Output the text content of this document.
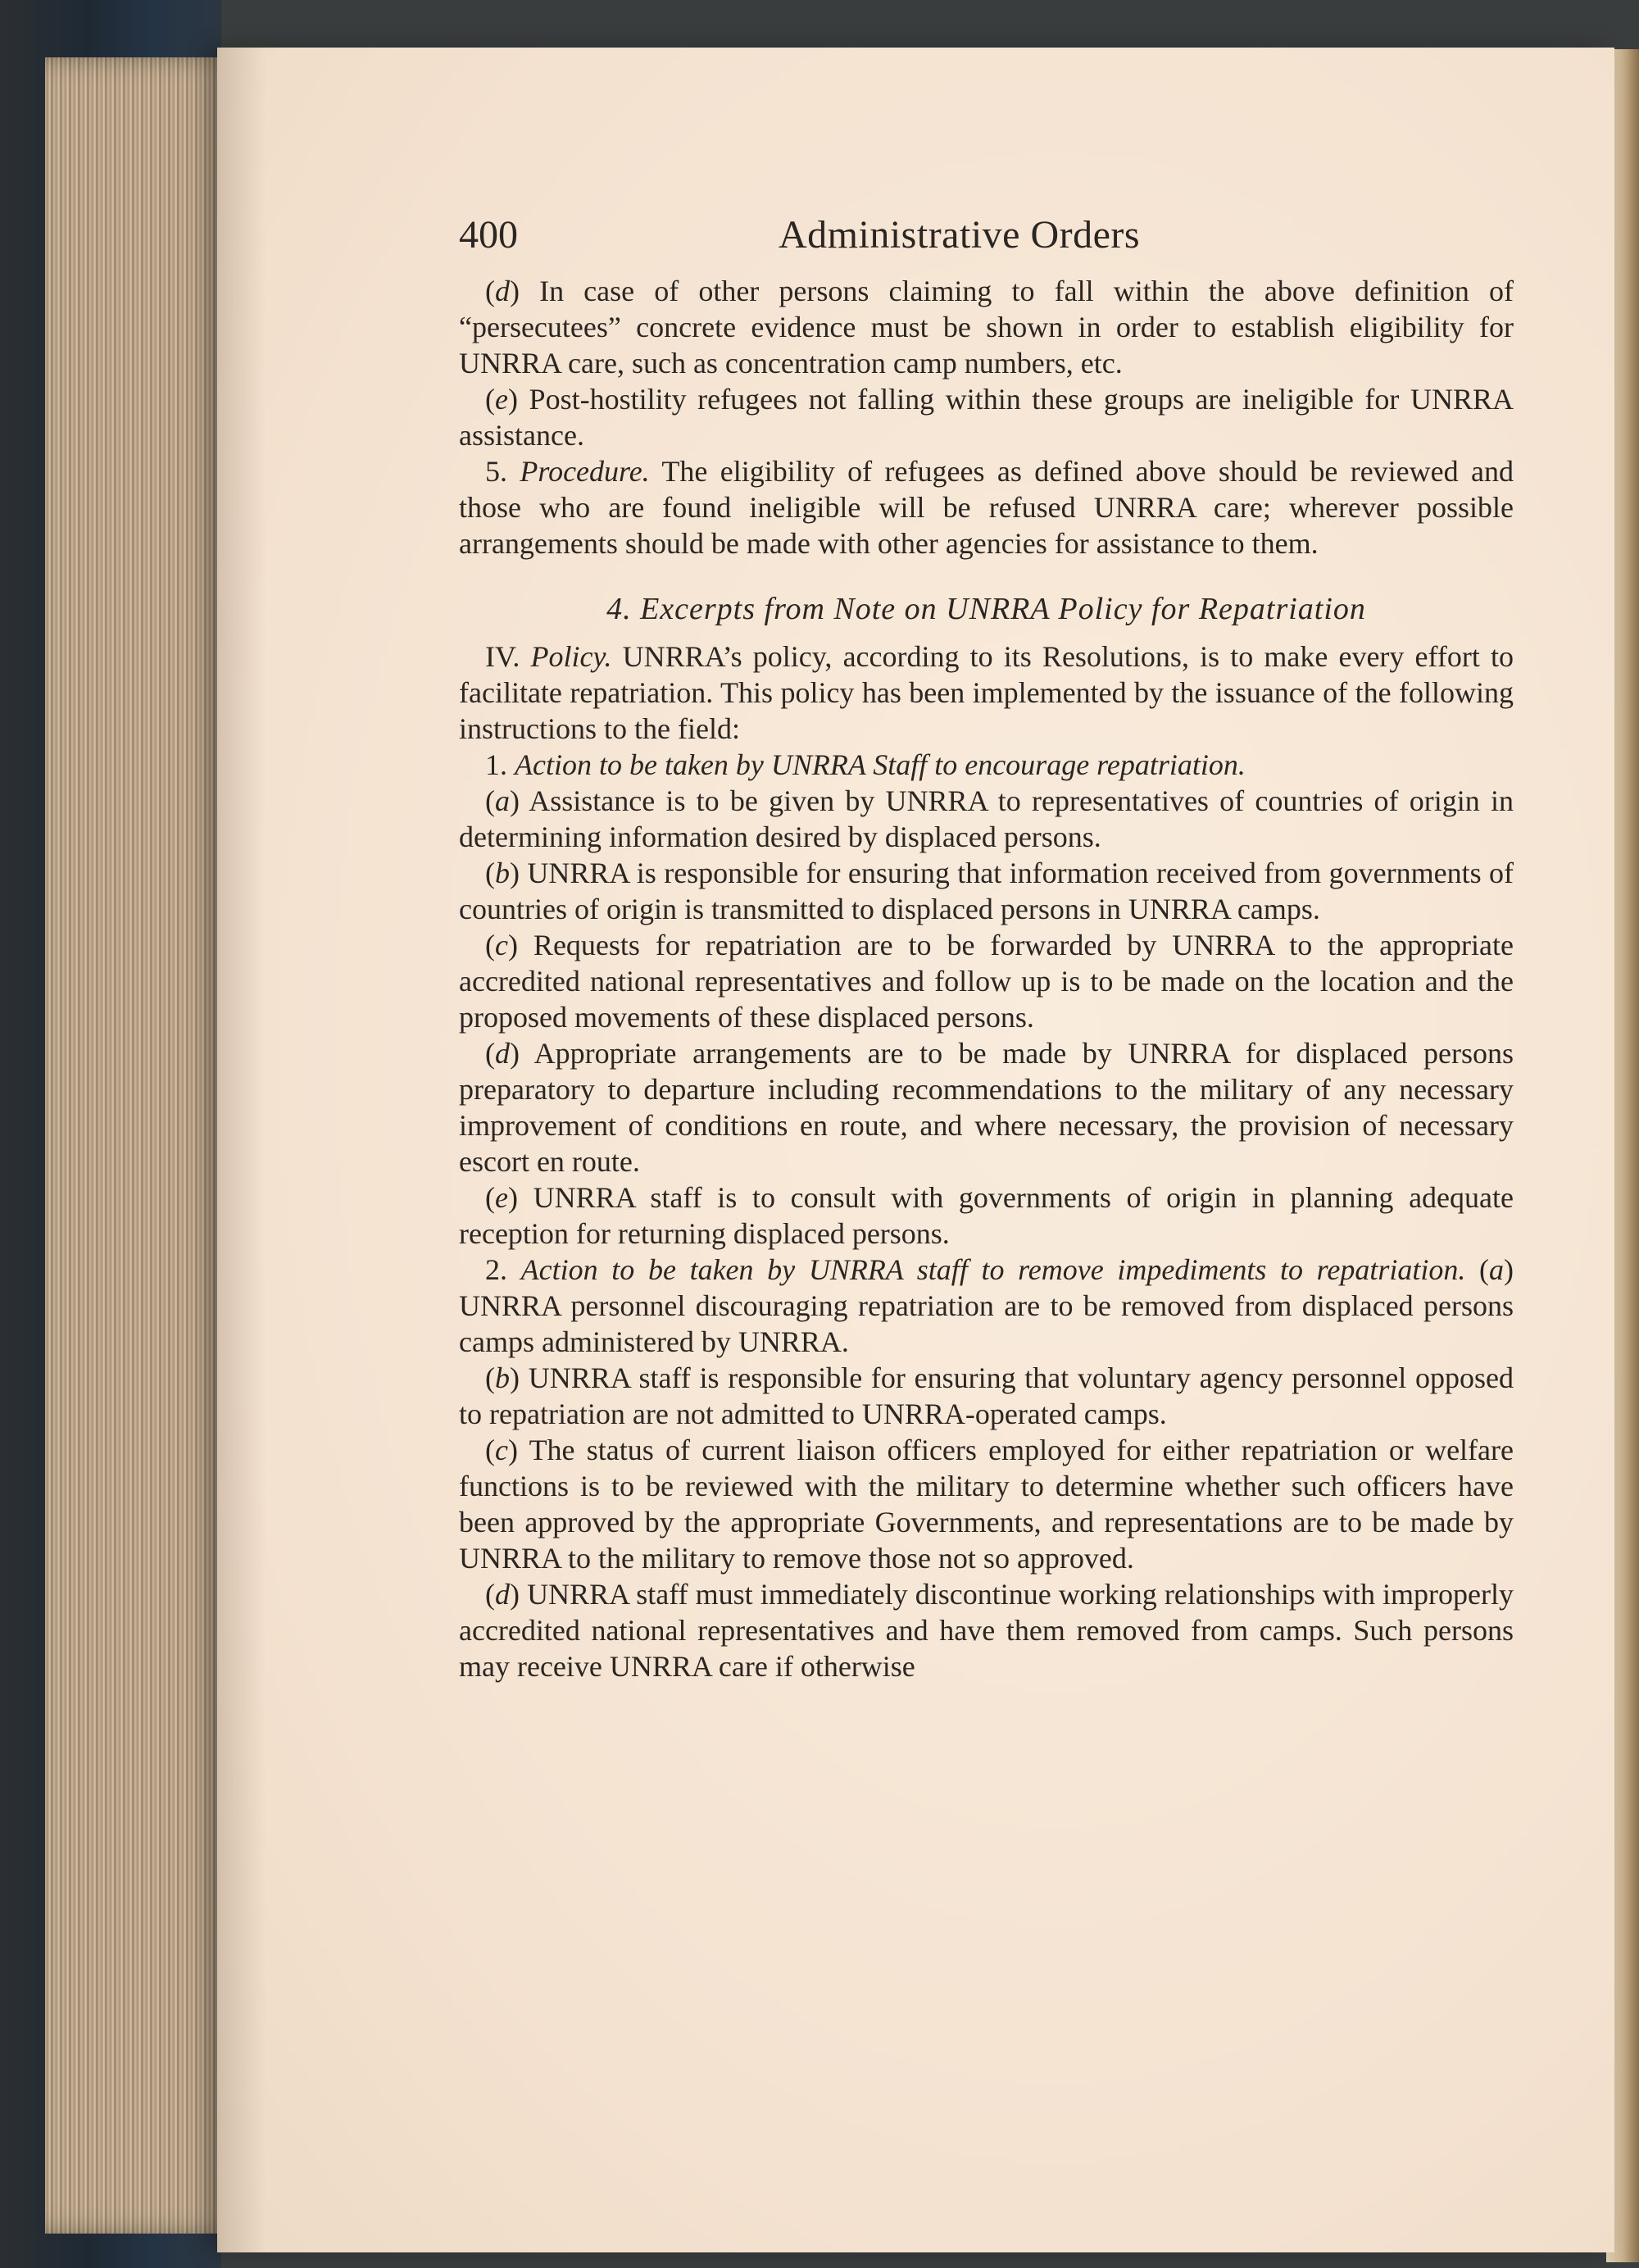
400	Administrative Orders

(d) In case of other persons claiming to fall within the above definition of “persecutees” concrete evidence must be shown in order to establish eligibility for UNRRA care, such as concentration camp numbers, etc.

(e) Post-hostility refugees not falling within these groups are ineligible for UNRRA assistance.

5. Procedure. The eligibility of refugees as defined above should be reviewed and those who are found ineligible will be refused UNRRA care; wherever possible arrangements should be made with other agencies for assistance to them.

4. Excerpts from Note on UNRRA Policy for Repatriation

IV. Policy. UNRRA’s policy, according to its Resolutions, is to make every effort to facilitate repatriation. This policy has been implemented by the issuance of the following instructions to the field:

1. Action to be taken by UNRRA Staff to encourage repatriation.

(a) Assistance is to be given by UNRRA to representatives of countries of origin in determining information desired by displaced persons.

(b) UNRRA is responsible for ensuring that information received from governments of countries of origin is transmitted to displaced persons in UNRRA camps.

(c) Requests for repatriation are to be forwarded by UNRRA to the appropriate accredited national representatives and follow up is to be made on the location and the proposed movements of these displaced persons.

(d) Appropriate arrangements are to be made by UNRRA for displaced persons preparatory to departure including recommendations to the military of any necessary improvement of conditions en route, and where necessary, the provision of necessary escort en route.

(e) UNRRA staff is to consult with governments of origin in planning adequate reception for returning displaced persons.

2. Action to be taken by UNRRA staff to remove impediments to repatriation. (a) UNRRA personnel discouraging repatriation are to be removed from displaced persons camps administered by UNRRA.

(b) UNRRA staff is responsible for ensuring that voluntary agency personnel opposed to repatriation are not admitted to UNRRA-operated camps.

(c) The status of current liaison officers employed for either repatriation or welfare functions is to be reviewed with the military to determine whether such officers have been approved by the appropriate Governments, and representations are to be made by UNRRA to the military to remove those not so approved.

(d) UNRRA staff must immediately discontinue working relationships with improperly accredited national representatives and have them removed from camps. Such persons may receive UNRRA care if otherwise
